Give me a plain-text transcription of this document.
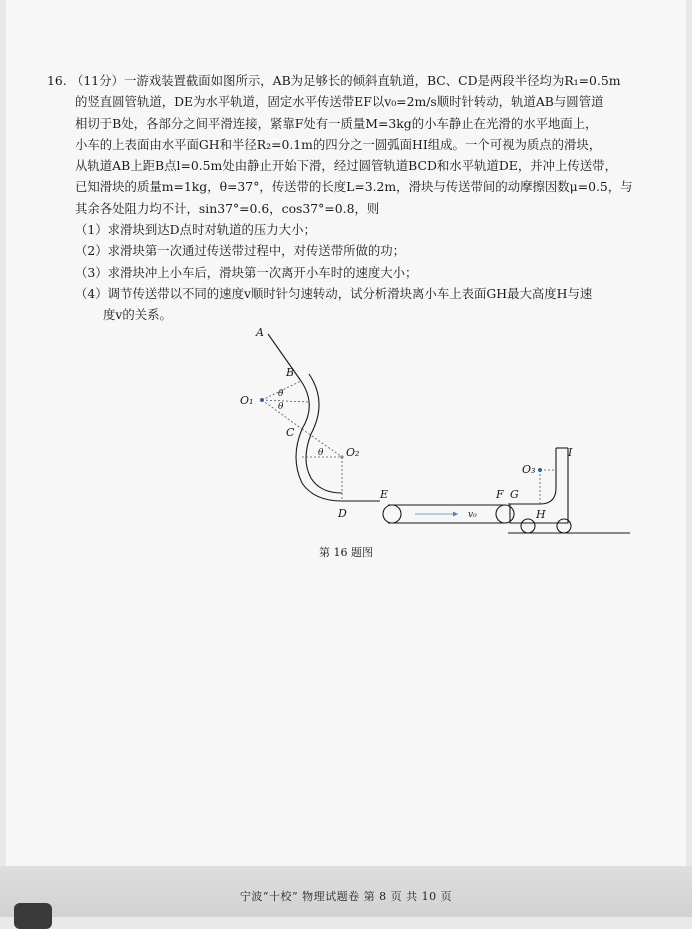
16. （11分）一游戏装置截面如图所示，AB为足够长的倾斜直轨道，BC、CD是两段半径均为R₁=0.5m

的竖直圆管轨道，DE为水平轨道，固定水平传送带EF以v₀=2m/s顺时针转动，轨道AB与圆管道

相切于B处，各部分之间平滑连接，紧靠F处有一质量M=3kg的小车静止在光滑的水平地面上，

小车的上表面由水平面GH和半径R₂=0.1m的四分之一圆弧面HI组成。一个可视为质点的滑块，

从轨道AB上距B点l=0.5m处由静止开始下滑，经过圆管轨道BCD和水平轨道DE，并冲上传送带，

已知滑块的质量m=1kg，θ=37°，传送带的长度L=3.2m，滑块与传送带间的动摩擦因数μ=0.5，与

其余各处阻力均不计，sin37°=0.6，cos37°=0.8，则

（1）求滑块到达D点时对轨道的压力大小；

（2）求滑块第一次通过传送带过程中，对传送带所做的功；

（3）求滑块冲上小车后，滑块第一次离开小车时的速度大小；

（4）调节传送带以不同的速度v顺时针匀速转动，试分析滑块离小车上表面GH最大高度H与速

度v的关系。

A
B
C
D
E	F G
H
I
O₁
O₂
O₃
θ
θ
θ
v₀
第 16 题图
宁波“十校” 物理试题卷 第 8 页 共 10 页
